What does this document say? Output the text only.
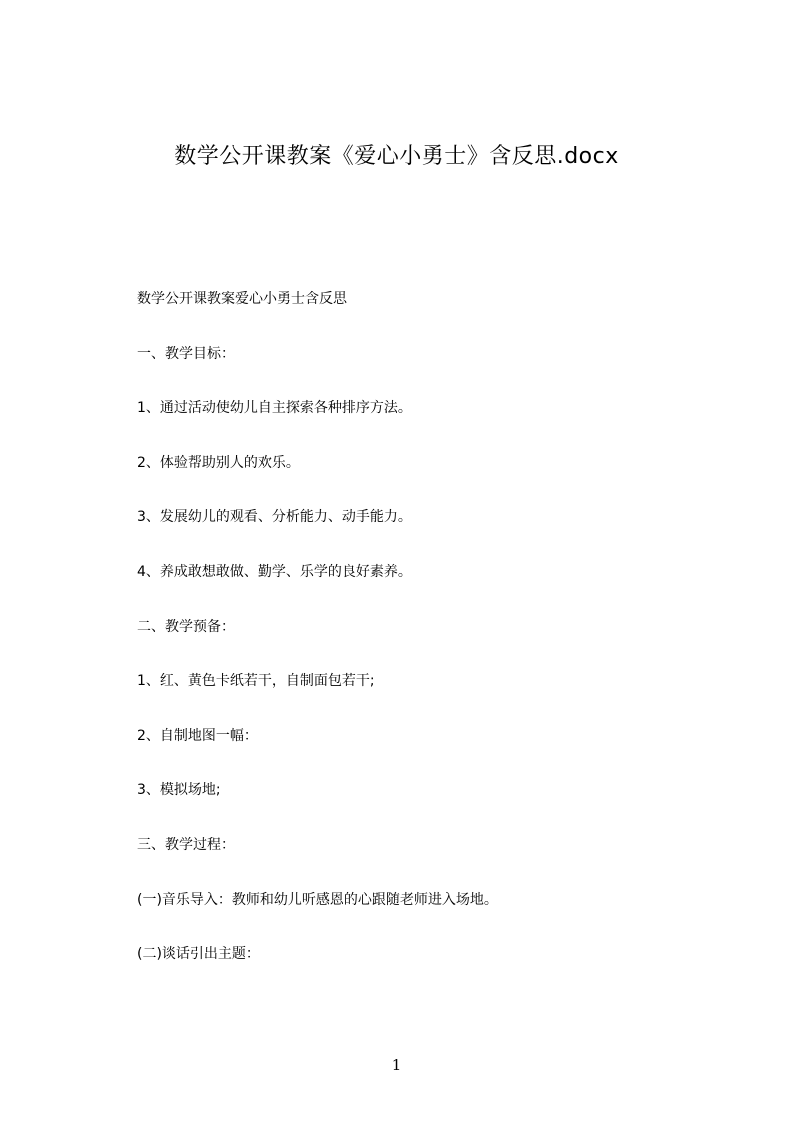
数学公开课教案《爱心小勇士》含反思.docx
数学公开课教案爱心小勇士含反思
一、教学目标：
1、通过活动使幼儿自主探索各种排序方法。
2、体验帮助别人的欢乐。
3、发展幼儿的观看、分析能力、动手能力。
4、养成敢想敢做、勤学、乐学的良好素养。
二、教学预备：
1、红、黄色卡纸若干，自制面包若干;
2、自制地图一幅：
3、模拟场地;
三、教学过程：
(一)音乐导入：教师和幼儿听感恩的心跟随老师进入场地。
(二)谈话引出主题：
1
